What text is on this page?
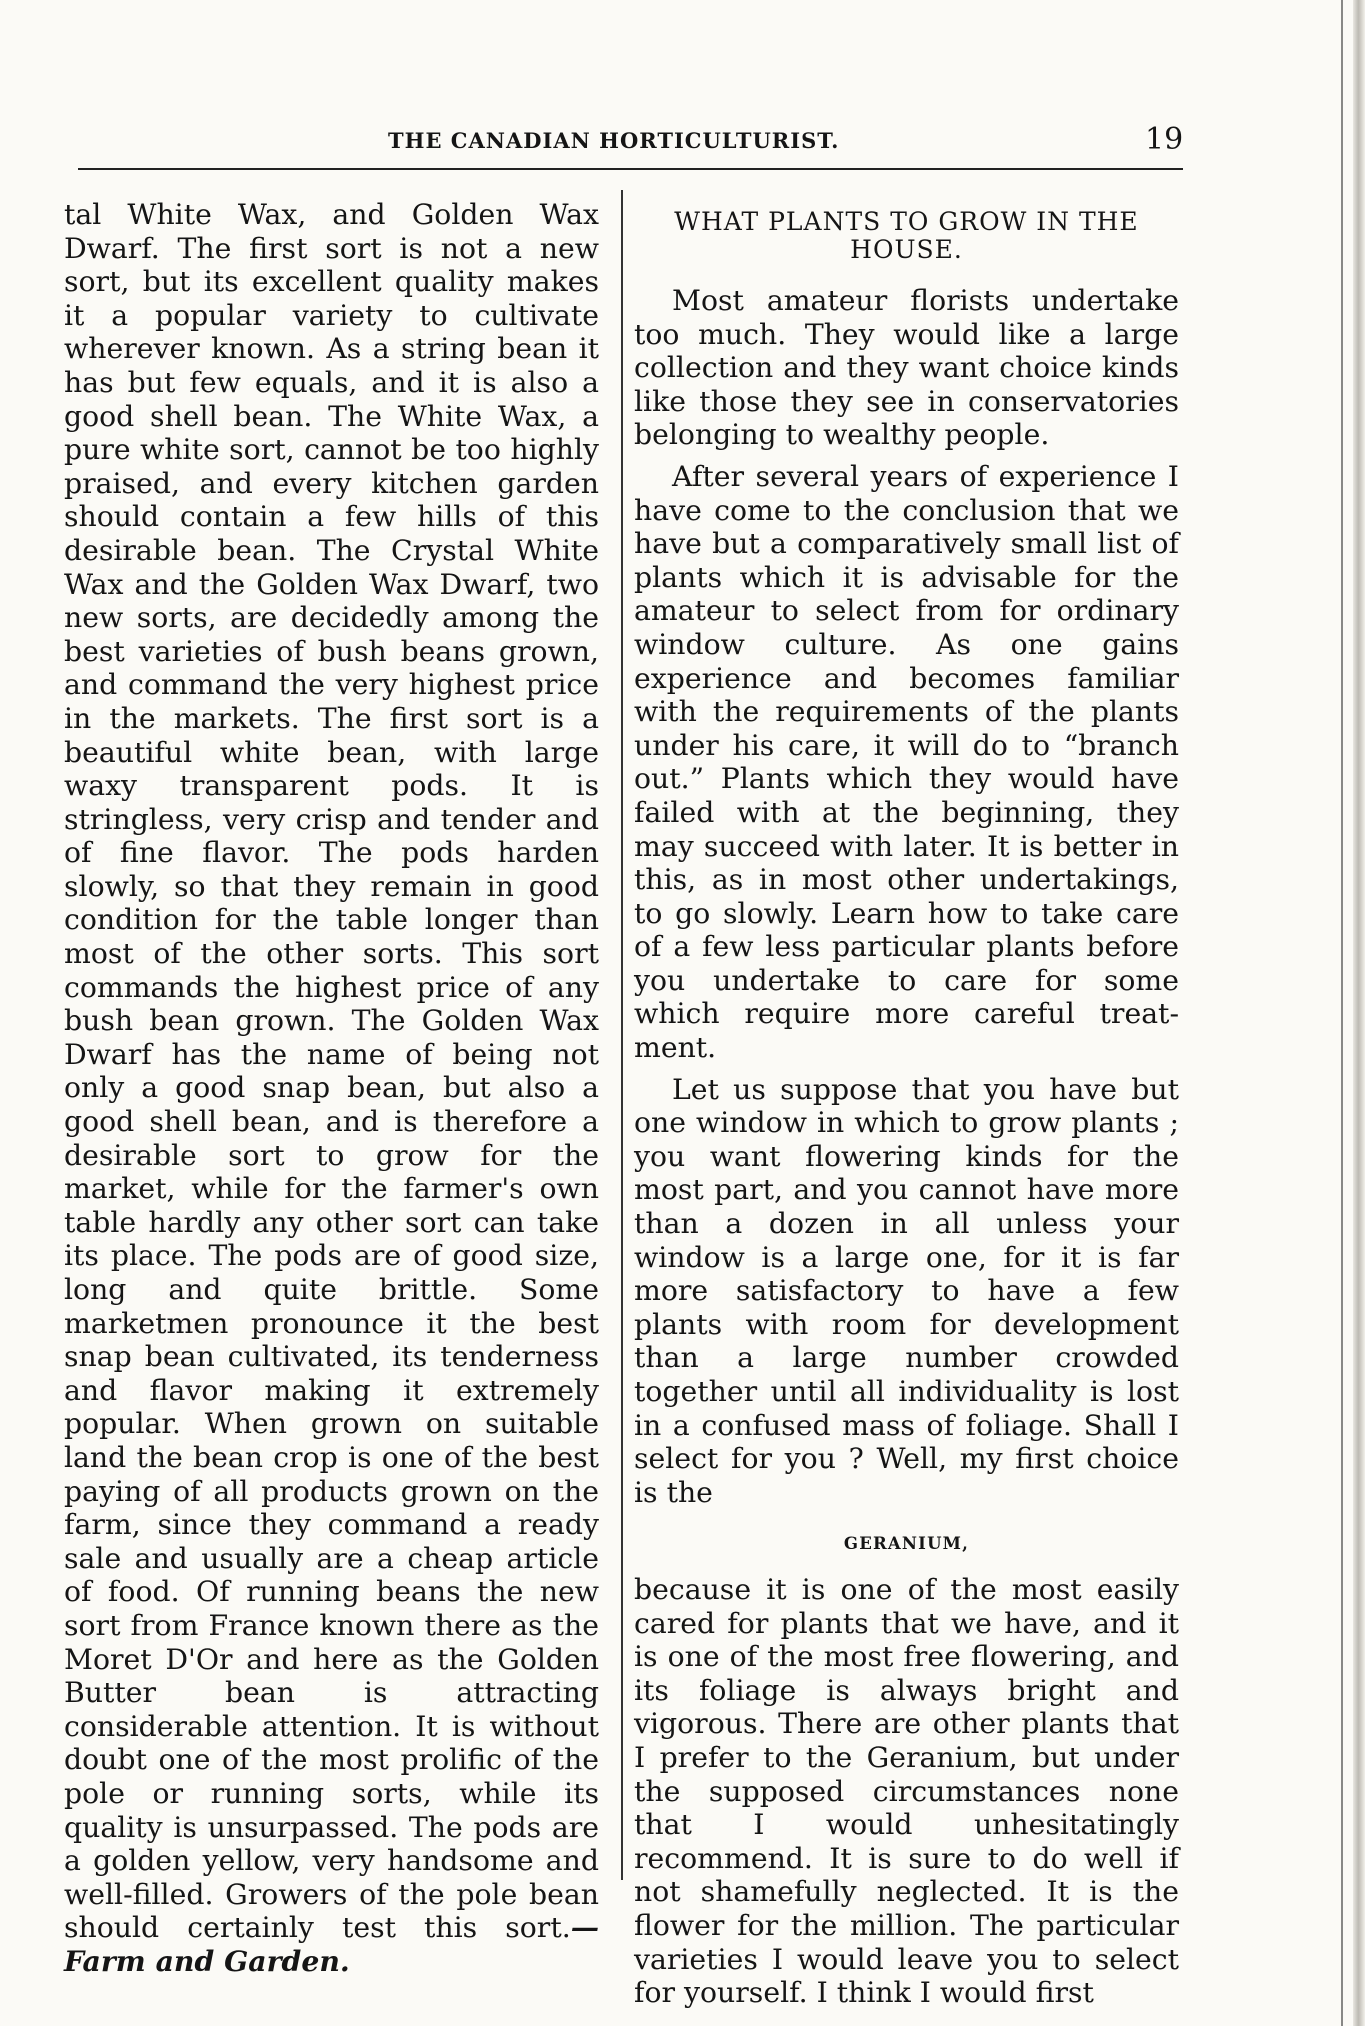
THE CANADIAN HORTICULTURIST.	19

tal White Wax, and Golden Wax Dwarf. The first sort is not a new sort, but its excellent quality makes it a popular variety to cultivate wherever known. As a string bean it has but few equals, and it is also a good shell bean. The White Wax, a pure white sort, cannot be too highly praised, and every kitchen garden should contain a few hills of this desirable bean. The Crystal White Wax and the Golden Wax Dwarf, two new sorts, are decidedly among the best varieties of bush beans grown, and command the very highest price in the markets. The first sort is a beautiful white bean, with large waxy transparent pods. It is stringless, very crisp and tender and of fine flavor. The pods harden slowly, so that they remain in good condition for the table longer than most of the other sorts. This sort commands the highest price of any bush bean grown. The Golden Wax Dwarf has the name of being not only a good snap bean, but also a good shell bean, and is therefore a desirable sort to grow for the market, while for the farmer's own table hardly any other sort can take its place. The pods are of good size, long and quite brittle. Some marketmen pronounce it the best snap bean cultivated, its tenderness and flavor making it extremely popular. When grown on suitable land the bean crop is one of the best paying of all products grown on the farm, since they command a ready sale and usually are a cheap article of food. Of running beans the new sort from France known there as the Moret D'Or and here as the Golden Butter bean is attracting considerable attention. It is without doubt one of the most prolific of the pole or running sorts, while its quality is unsurpassed. The pods are a golden yellow, very handsome and well-filled. Growers of the pole bean should certainly test this sort.—Farm and Garden.

WHAT PLANTS TO GROW IN THE HOUSE.

Most amateur florists undertake too much. They would like a large collection and they want choice kinds like those they see in conservatories belonging to wealthy people.

After several years of experience I have come to the conclusion that we have but a comparatively small list of plants which it is advisable for the amateur to select from for ordinary window culture. As one gains experience and becomes familiar with the requirements of the plants under his care, it will do to “branch out.” Plants which they would have failed with at the beginning, they may succeed with later. It is better in this, as in most other undertakings, to go slowly. Learn how to take care of a few less particular plants before you undertake to care for some which require more careful treatment.

Let us suppose that you have but one window in which to grow plants ; you want flowering kinds for the most part, and you cannot have more than a dozen in all unless your window is a large one, for it is far more satisfactory to have a few plants with room for development than a large number crowded together until all individuality is lost in a confused mass of foliage. Shall I select for you ? Well, my first choice is the

GERANIUM,

because it is one of the most easily cared for plants that we have, and it is one of the most free flowering, and its foliage is always bright and vigorous. There are other plants that I prefer to the Geranium, but under the supposed circumstances none that I would unhesitatingly recommend. It is sure to do well if not shamefully neglected. It is the flower for the million. The particular varieties I would leave you to select for yourself. I think I would first
